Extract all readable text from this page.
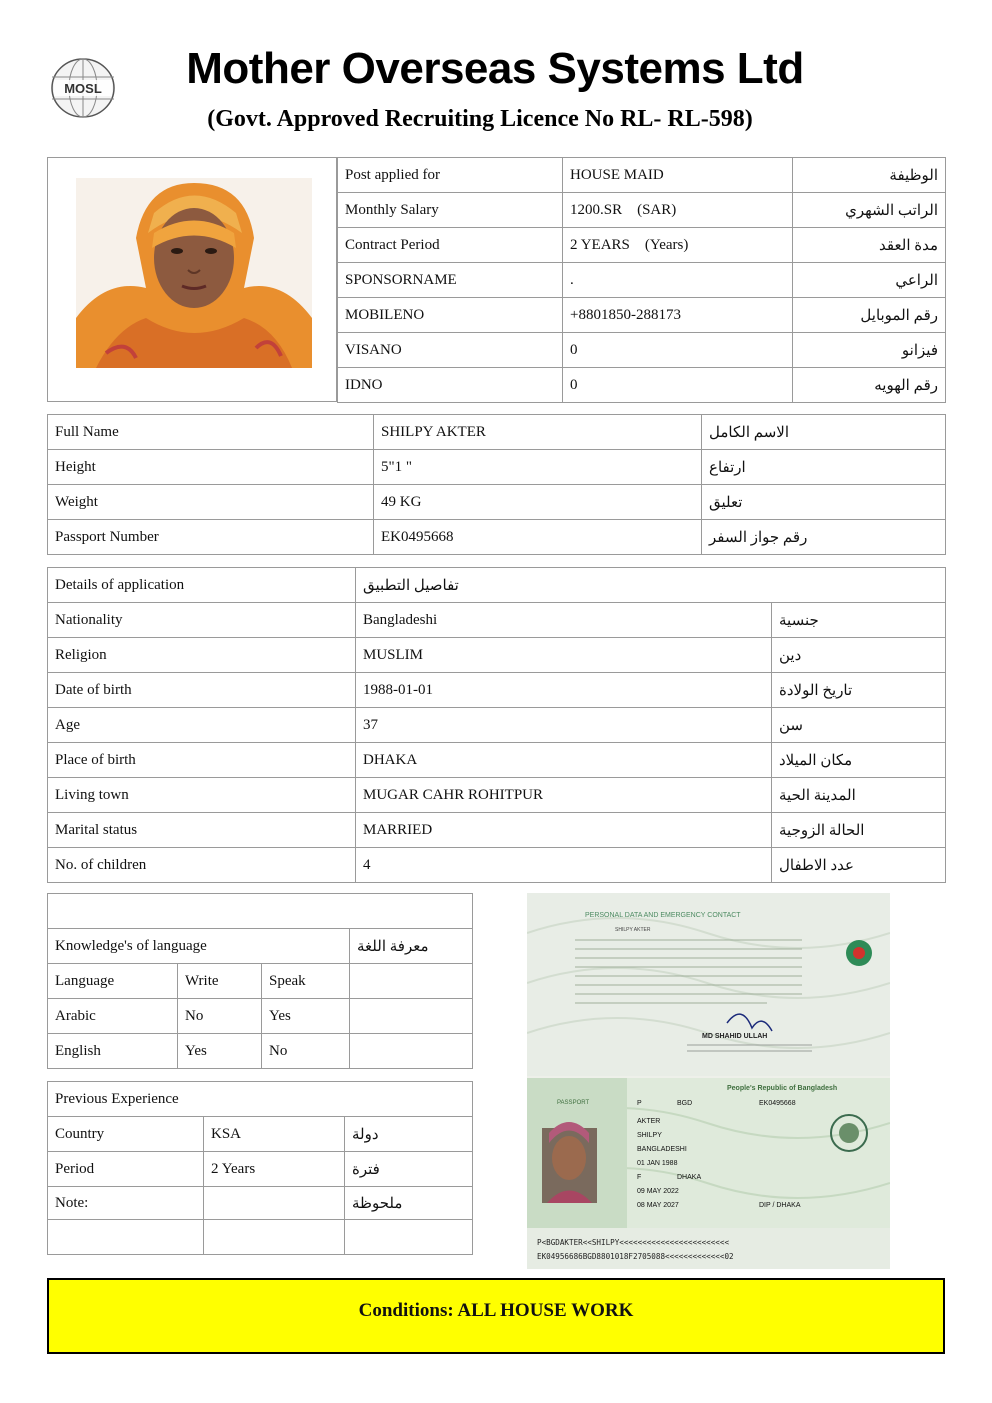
MOSL	Mother Overseas Systems Ltd
(Govt. Approved Recruiting Licence No RL- RL-598)
Post applied for	HOUSE MAID	الوظيفة
Monthly Salary	1200.SR    (SAR)	الراتب الشهري
Contract Period	2 YEARS    (Years)	مدة العقد
SPONSORNAME	.	الراعي
MOBILENO	+8801850-288173	رقم الموبايل
VISANO	0	فيزانو
IDNO	0	رقم الهويه
Full Name	SHILPY AKTER	الاسم الكامل
Height	5"1 "	ارتفاع
Weight	49 KG	تعليق
Passport Number	EK0495668	رقم جواز السفر
Details of application	تفاصيل التطبيق	
Nationality	Bangladeshi	جنسية
Religion	MUSLIM	دين
Date of birth	1988-01-01	تاريخ الولادة
Age	37	سن
Place of birth	DHAKA	مكان الميلاد
Living town	MUGAR CAHR ROHITPUR	المدينة الحية
Marital status	MARRIED	الحالة الزوجية
No. of children	4	عدد الاطفال

Knowledge's of language			معرفة اللغة
Language	Write	Speak	
Arabic	No	Yes	
English	Yes	No	
Previous Experience		
Country	KSA	دولة
Period	2 Years	فترة
Note:		ملحوظة

PERSONAL DATA AND EMERGENCY CONTACT
SHILPY AKTER
MD SHAHID ULLAH
People's Republic of Bangladesh
PASSPORT	P	BGD	EK0495668
AKTER
SHILPY
BANGLADESHI
01 JAN 1988
F	DHAKA
09 MAY 2022
08 MAY 2027	DIP / DHAKA
P<BGDAKTER<<SHILPY<<<<<<<<<<<<<<<<<<<<<<<<
EK04956686BGD8801018F2705088<<<<<<<<<<<<<02
Conditions: ALL HOUSE WORK
